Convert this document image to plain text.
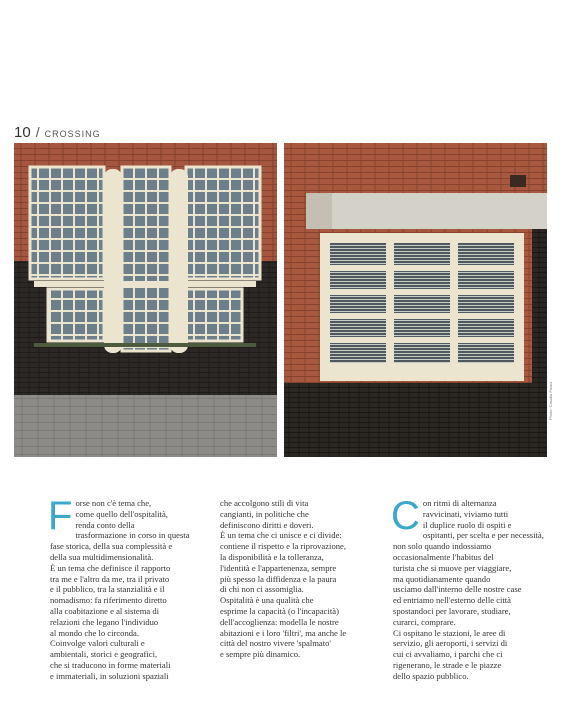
10 / CROSSING
Photo: Claudia Pasini
F orse non c'è tema che,
come quello dell'ospitalità,
renda conto della
trasformazione in corso in questa
fase storica, della sua complessità e
della sua multidimensionalità.
È un tema che definisce il rapporto
tra me e l'altro da me, tra il privato
e il pubblico, tra la stanzialità e il
nomadismo: fa riferimento diretto
alla coabitazione e al sistema di
relazioni che legano l'individuo
al mondo che lo circonda.
Coinvolge valori culturali e
ambientali, storici e geografici,
che si traducono in forme materiali
e immateriali, in soluzioni spaziali

che accolgono stili di vita
cangianti, in politiche che
definiscono diritti e doveri.
È un tema che ci unisce e ci divide:
contiene il rispetto e la riprovazione,
la disponibilità e la tolleranza,
l'identità e l'appartenenza, sempre
più spesso la diffidenza e la paura
di chi non ci assomiglia.
Ospitalità è una qualità che
esprime la capacità (o l'incapacità)
dell'accoglienza: modella le nostre
abitazioni e i loro 'filtri', ma anche le
città del nostro vivere 'spalmato'
e sempre più dinamico.

C on ritmi di alternanza
ravvicinati, viviamo tutti
il duplice ruolo di ospiti e
ospitanti, per scelta e per necessità,
non solo quando indossiamo
occasionalmente l'habitus del
turista che si muove per viaggiare,
ma quotidianamente quando
usciamo dall'interno delle nostre case
ed entriamo nell'esterno delle città
spostandoci per lavorare, studiare,
curarci, comprare.
Ci ospitano le stazioni, le aree di
servizio, gli aeroporti, i servizi di
cui ci avvaliamo, i parchi che ci
rigenerano, le strade e le piazze
dello spazio pubblico.
